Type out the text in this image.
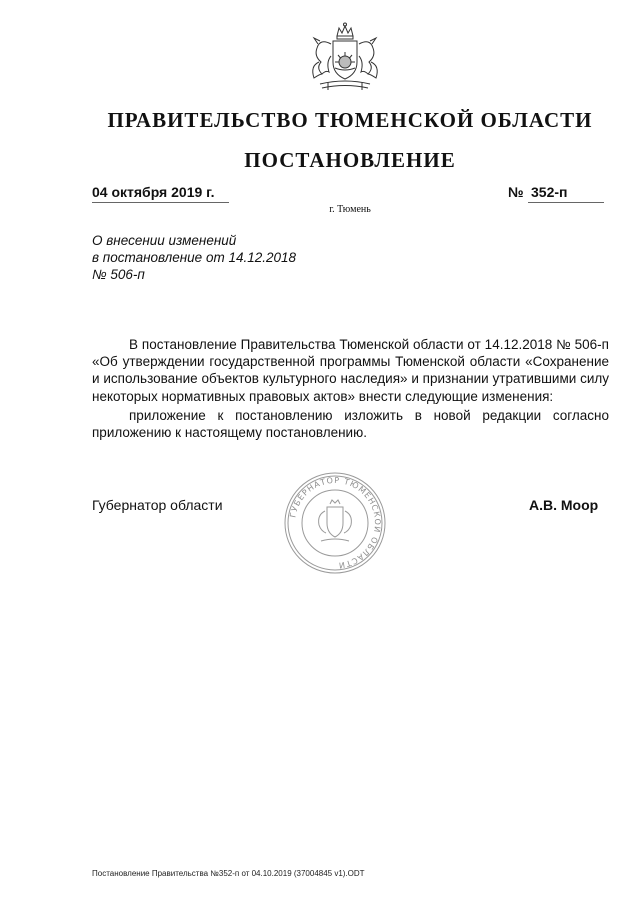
ПРАВИТЕЛЬСТВО ТЮМЕНСКОЙ ОБЛАСТИ
ПОСТАНОВЛЕНИЕ
04 октября 2019 г.	№ 352-п
г. Тюмень
О внесении изменений
в постановление от 14.12.2018
№ 506-п

В постановление Правительства Тюменской области от 14.12.2018 № 506-п «Об утверждении государственной программы Тюменской области «Сохранение и использование объектов культурного наследия» и признании утратившими силу некоторых нормативных правовых актов» внести следующие изменения:

приложение к постановлению изложить в новой редакции согласно приложению к настоящему постановлению.

ГУБЕРНАТОР ТЮМЕНСКОЙ ОБЛАСТИ
Губернатор области	А.В. Моор
Постановление Правительства №352-п от 04.10.2019 (37004845 v1).ODT
